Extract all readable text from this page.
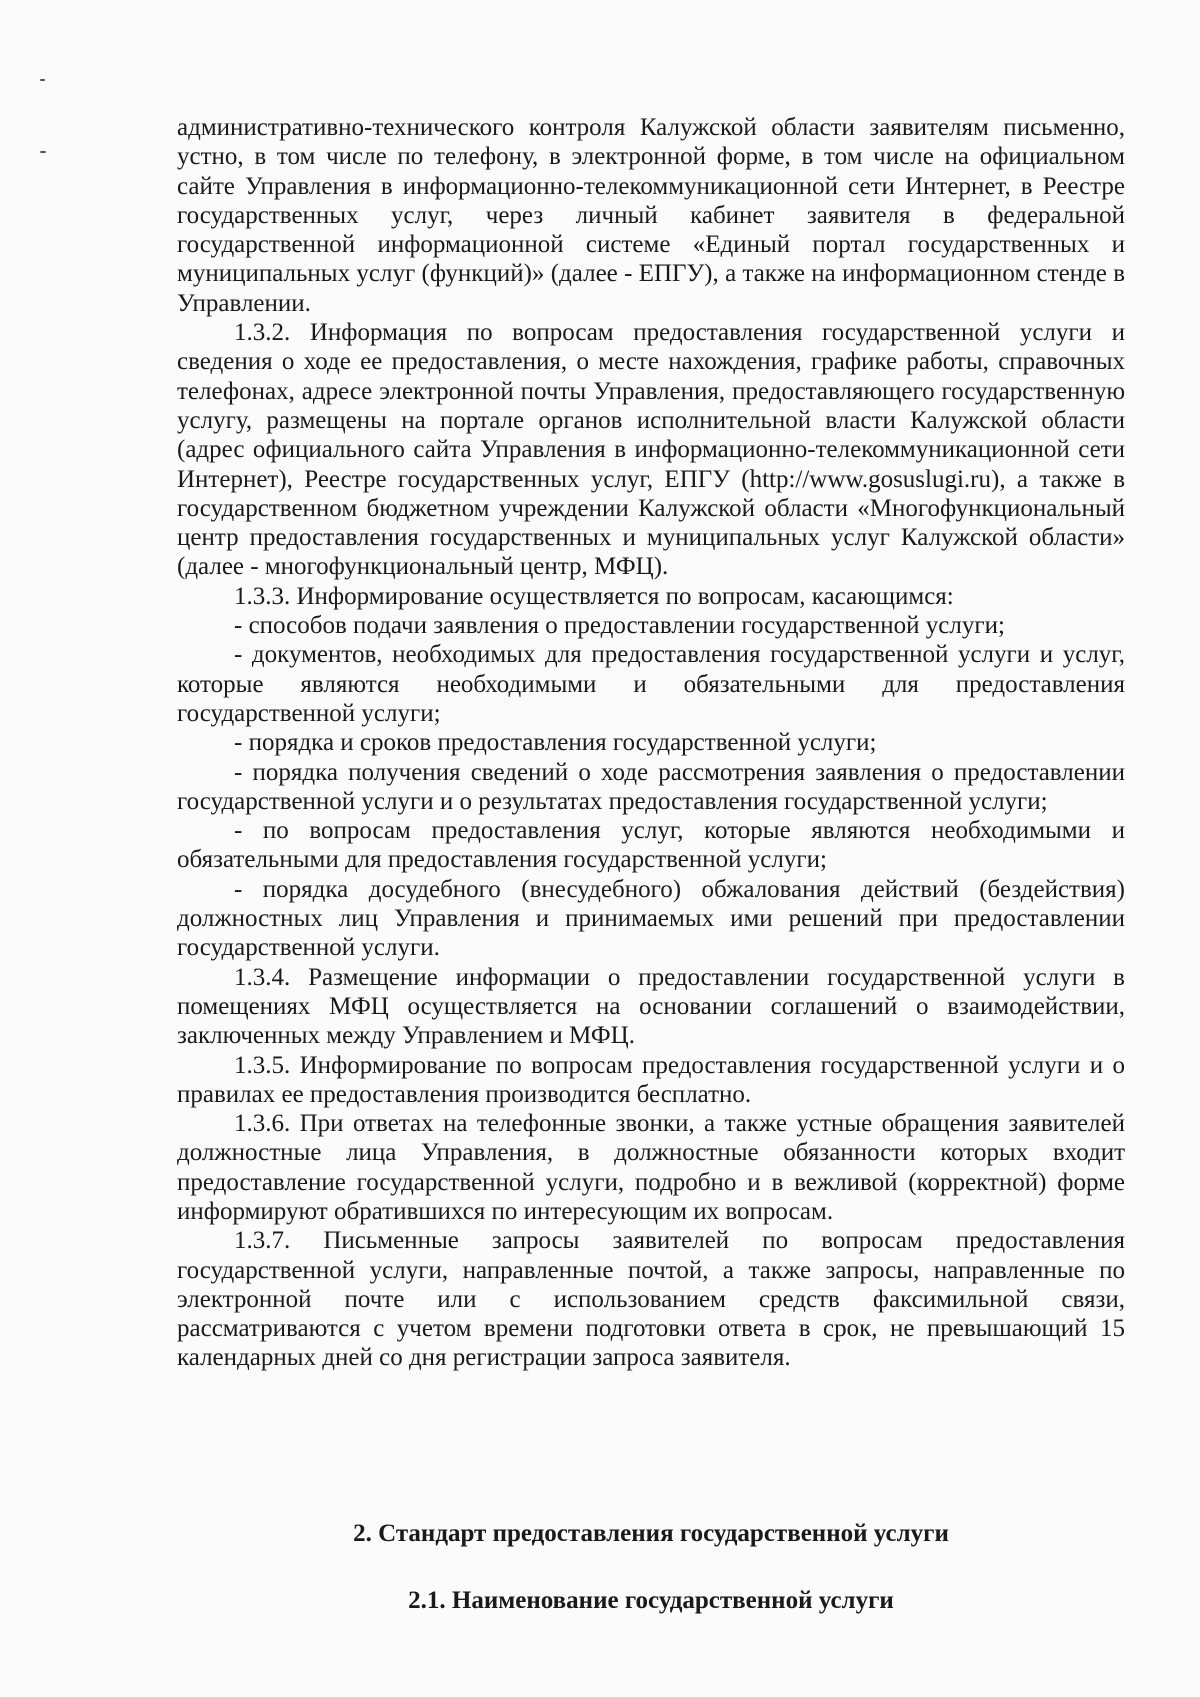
административно-технического контроля Калужской области заявителям письменно, устно, в том числе по телефону, в электронной форме, в том числе на официальном сайте Управления в информационно-телекоммуникационной сети Интернет, в Реестре государственных услуг, через личный кабинет заявителя в федеральной государственной информационной системе «Единый портал государственных и муниципальных услуг (функций)» (далее - ЕПГУ), а также на информационном стенде в Управлении.

1.3.2. Информация по вопросам предоставления государственной услуги и сведения о ходе ее предоставления, о месте нахождения, графике работы, справочных телефонах, адресе электронной почты Управления, предоставляющего государственную услугу, размещены на портале органов исполнительной власти Калужской области (адрес официального сайта Управления в информационно-телекоммуникационной сети Интернет), Реестре государственных услуг, ЕПГУ (http://www.gosuslugi.ru), а также в государственном бюджетном учреждении Калужской области «Многофункциональный центр предоставления государственных и муниципальных услуг Калужской области» (далее - многофункциональный центр, МФЦ).

1.3.3. Информирование осуществляется по вопросам, касающимся:

- способов подачи заявления о предоставлении государственной услуги;

- документов, необходимых для предоставления государственной услуги и услуг, которые являются необходимыми и обязательными для предоставления государственной услуги;

- порядка и сроков предоставления государственной услуги;

- порядка получения сведений о ходе рассмотрения заявления о предоставлении государственной услуги и о результатах предоставления государственной услуги;

- по вопросам предоставления услуг, которые являются необходимыми и обязательными для предоставления государственной услуги;

- порядка досудебного (внесудебного) обжалования действий (бездействия) должностных лиц Управления и принимаемых ими решений при предоставлении государственной услуги.

1.3.4. Размещение информации о предоставлении государственной услуги в помещениях МФЦ осуществляется на основании соглашений о взаимодействии, заключенных между Управлением и МФЦ.

1.3.5. Информирование по вопросам предоставления государственной услуги и о правилах ее предоставления производится бесплатно.

1.3.6. При ответах на телефонные звонки, а также устные обращения заявителей должностные лица Управления, в должностные обязанности которых входит предоставление государственной услуги, подробно и в вежливой (корректной) форме информируют обратившихся по интересующим их вопросам.

1.3.7. Письменные запросы заявителей по вопросам предоставления государственной услуги, направленные почтой, а также запросы, направленные по электронной почте или с использованием средств факсимильной связи, рассматриваются с учетом времени подготовки ответа в срок, не превышающий 15 календарных дней со дня регистрации запроса заявителя.

2. Стандарт предоставления государственной услуги
2.1. Наименование государственной услуги
